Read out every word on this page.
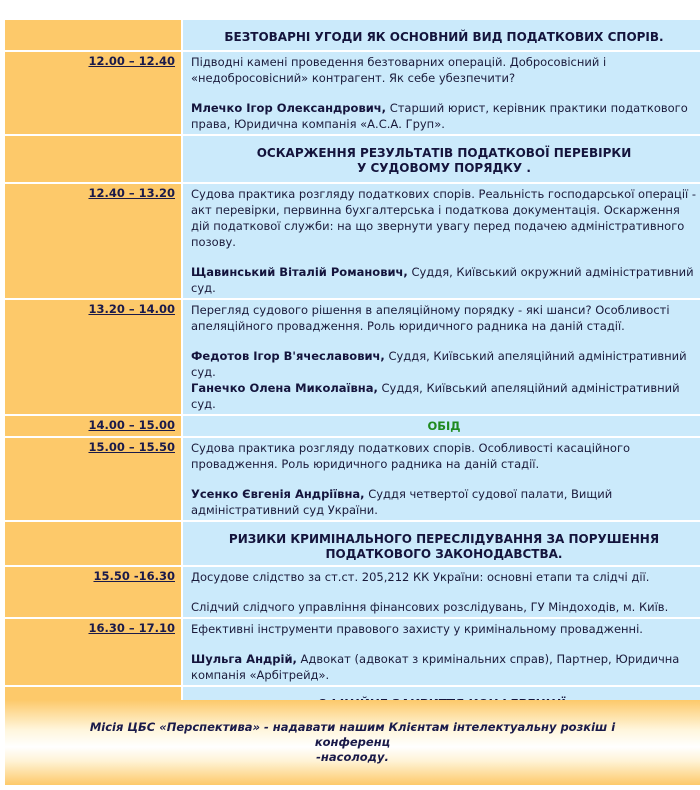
БЕЗТОВАРНІ УГОДИ ЯК ОСНОВНИЙ ВИД ПОДАТКОВИХ СПОРІВ.
12.00 – 12.40	Підводні камені проведення безтоварних операцій. Добросовісний і «недобросовісний» контрагент. Як себе убезпечити?
Млечко Ігор Олександрович, Старший юрист, керівник практики податкового права, Юридична компанія «А.С.А. Груп».
ОСКАРЖЕННЯ РЕЗУЛЬТАТІВ ПОДАТКОВОЇ ПЕРЕВІРКИ
У СУДОВОМУ ПОРЯДКУ .
12.40 – 13.20	Судова практика розгляду податкових спорів. Реальність господарської операції - акт перевірки, первинна бухгалтерська і податкова документація. Оскарження дій податкової служби: на що звернути увагу перед подачею адміністративного позову.
Щавинський Віталій Романович, Суддя, Київський окружний адміністративний суд.
13.20 – 14.00	Перегляд судового рішення в апеляційному порядку - які шанси? Особливості апеляційного провадження. Роль юридичного радника на даній стадії.
Федотов Ігор В'ячеславович, Суддя, Київський апеляційний адміністративний суд.
Ганечко Олена Миколаївна, Суддя, Київський апеляційний адміністративний суд.
14.00 – 15.00	ОБІД
15.00 – 15.50	Судова практика розгляду податкових спорів. Особливості касаційного провадження. Роль юридичного радника на даній стадії.
Усенко Євгенія Андріївна, Суддя четвертої судової палати, Вищий адміністративний суд України.
РИЗИКИ КРИМІНАЛЬНОГО ПЕРЕСЛІДУВАННЯ ЗА ПОРУШЕННЯ
ПОДАТКОВОГО ЗАКОНОДАВСТВА.
15.50 -16.30	Досудове слідство за ст.ст. 205,212 КК України: основні етапи та слідчі дії.
Слідчий слідчого управління фінансових розслідувань, ГУ Міндоходів, м. Київ.
16.30 – 17.10	Ефективні інструменти правового захисту у кримінальному провадженні.
Шульга Андрій, Адвокат (адвокат з кримінальних справ), Партнер, Юридична компанія «Арбітрейд».
Місія ЦБС «Перспектива» - надавати нашим Клієнтам інтелектуальну розкіш і конференц
-насолоду.
